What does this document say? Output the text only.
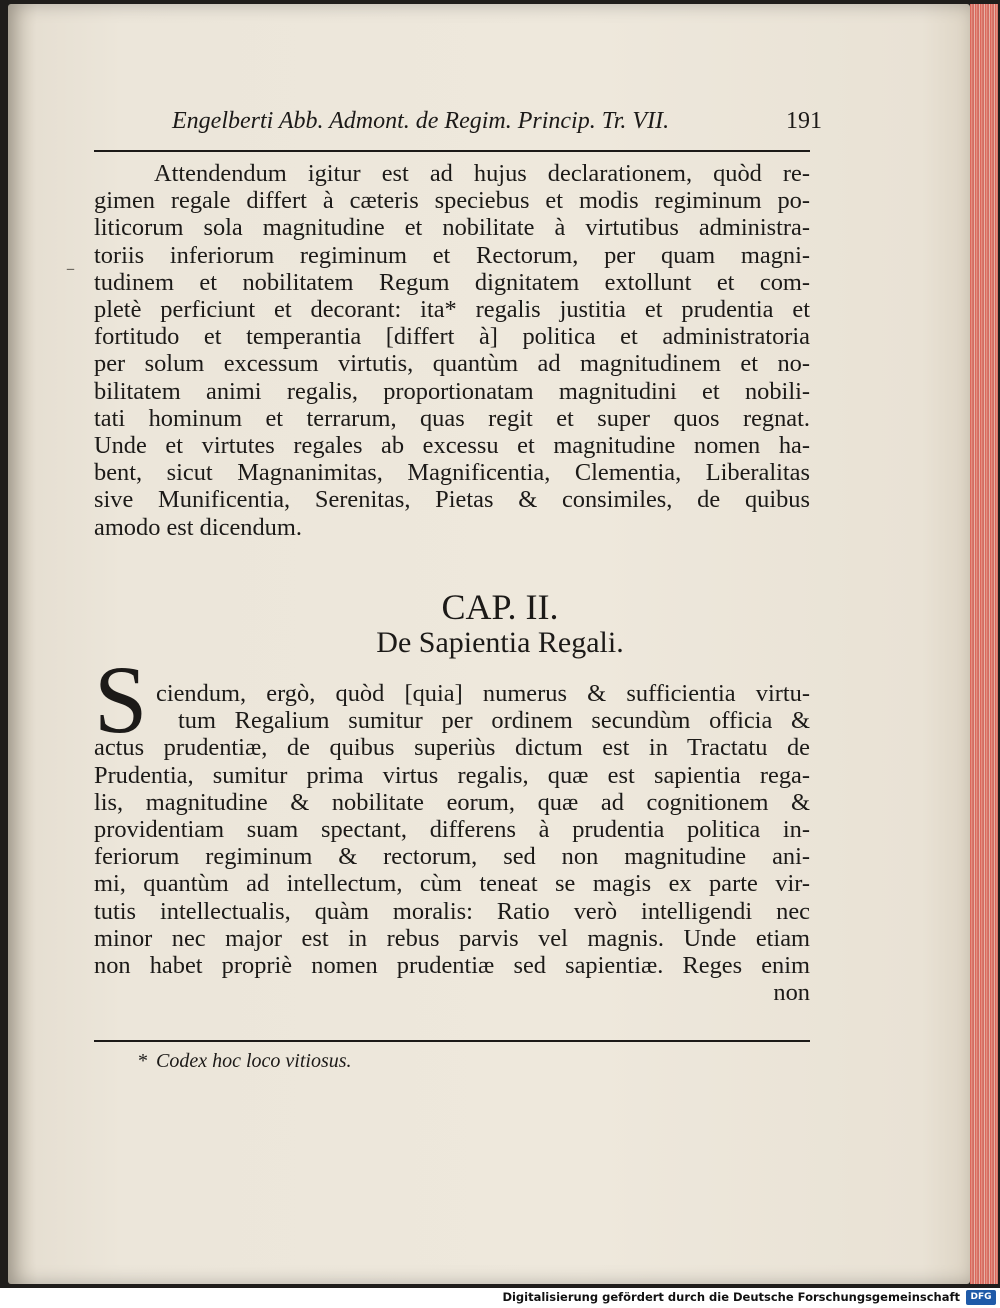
Engelberti Abb. Admont. de Regim. Princip. Tr. VII.	191
–
Attendendum igitur est ad hujus declarationem, quòd re-
gimen regale differt à cæteris speciebus et modis regiminum po-
liticorum sola magnitudine et nobilitate à virtutibus administra-
toriis inferiorum regiminum et Rectorum, per quam magni-
tudinem et nobilitatem Regum dignitatem extollunt et com-
pletè perficiunt et decorant: ita* regalis justitia et prudentia et
fortitudo et temperantia [differt à] politica et administratoria
per solum excessum virtutis, quantùm ad magnitudinem et no-
bilitatem animi regalis, proportionatam magnitudini et nobili-
tati hominum et terrarum, quas regit et super quos regnat.
Unde et virtutes regales ab excessu et magnitudine nomen ha-
bent, sicut Magnanimitas, Magnificentia, Clementia, Liberalitas
sive Munificentia, Serenitas, Pietas & consimiles, de quibus
amodo est dicendum.
CAP. II.
De Sapientia Regali.
S ciendum, ergò, quòd [quia] numerus & sufficientia virtu-
tum Regalium sumitur per ordinem secundùm officia &
actus prudentiæ, de quibus superiùs dictum est in Tractatu de
Prudentia, sumitur prima virtus regalis, quæ est sapientia rega-
lis, magnitudine & nobilitate eorum, quæ ad cognitionem &
providentiam suam spectant, differens à prudentia politica in-
feriorum regiminum & rectorum, sed non magnitudine ani-
mi, quantùm ad intellectum, cùm teneat se magis ex parte vir-
tutis intellectualis, quàm moralis: Ratio verò intelligendi nec
minor nec major est in rebus parvis vel magnis. Unde etiam
non habet propriè nomen prudentiæ sed sapientiæ. Reges enim
non
* Codex hoc loco vitiosus.
Digitalisierung gefördert durch die Deutsche Forschungsgemeinschaft	DFG
